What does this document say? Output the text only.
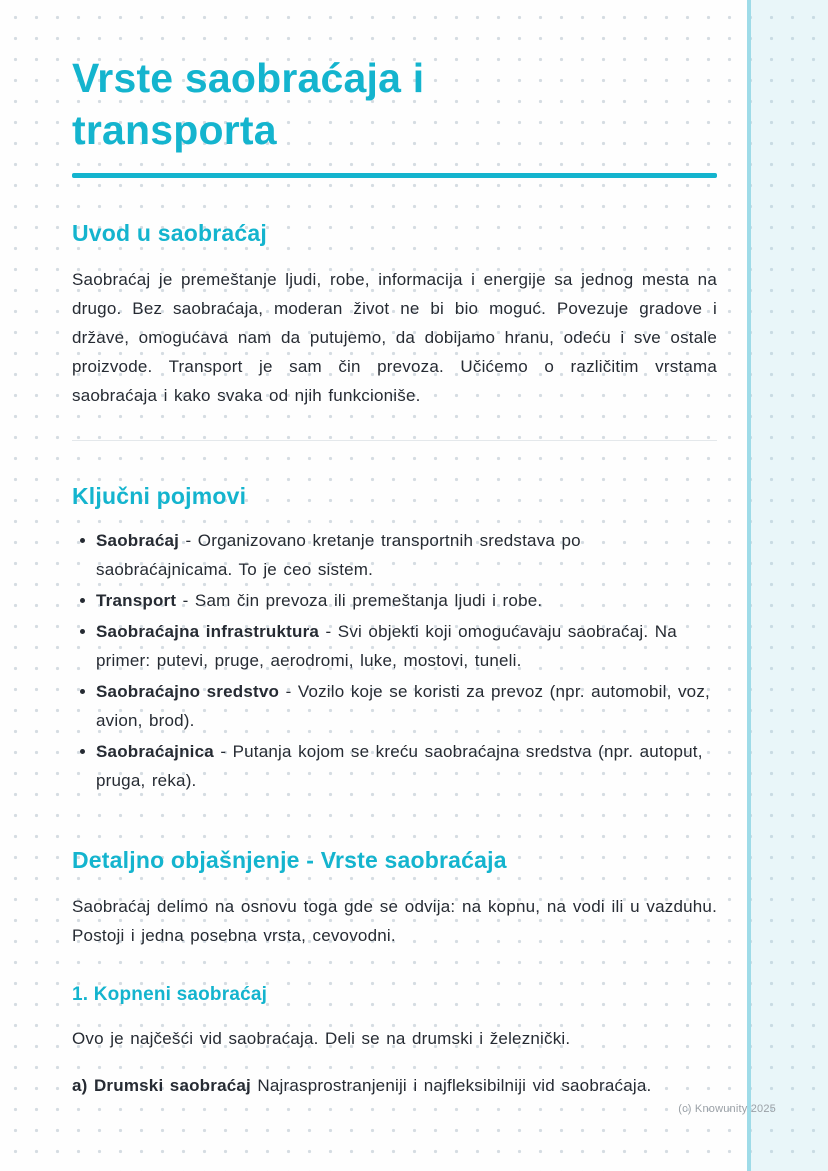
Vrste saobraćaja i transporta
Uvod u saobraćaj

Saobraćaj je premeštanje ljudi, robe, informacija i energije sa jednog mesta na drugo. Bez saobraćaja, moderan život ne bi bio moguć. Povezuje gradove i države, omogućava nam da putujemo, da dobijamo hranu, odeću i sve ostale proizvode. Transport je sam čin prevoza. Učićemo o različitim vrstama saobraćaja i kako svaka od njih funkcioniše.

Ključni pojmovi
Saobraćaj - Organizovano kretanje transportnih sredstava po saobraćajnicama. To je ceo sistem.
Transport - Sam čin prevoza ili premeštanja ljudi i robe.
Saobraćajna infrastruktura - Svi objekti koji omogućavaju saobraćaj. Na primer: putevi, pruge, aerodromi, luke, mostovi, tuneli.
Saobraćajno sredstvo - Vozilo koje se koristi za prevoz (npr. automobil, voz, avion, brod).
Saobraćajnica - Putanja kojom se kreću saobraćajna sredstva (npr. autoput, pruga, reka).
Detaljno objašnjenje - Vrste saobraćaja

Saobraćaj delimo na osnovu toga gde se odvija: na kopnu, na vodi ili u vazduhu. Postoji i jedna posebna vrsta, cevovodni.

1. Kopneni saobraćaj

Ovo je najčešći vid saobraćaja. Deli se na drumski i železnički.

a) Drumski saobraćaj Najrasprostranjeniji i najfleksibilniji vid saobraćaja.

(c) Knowunity 2025
